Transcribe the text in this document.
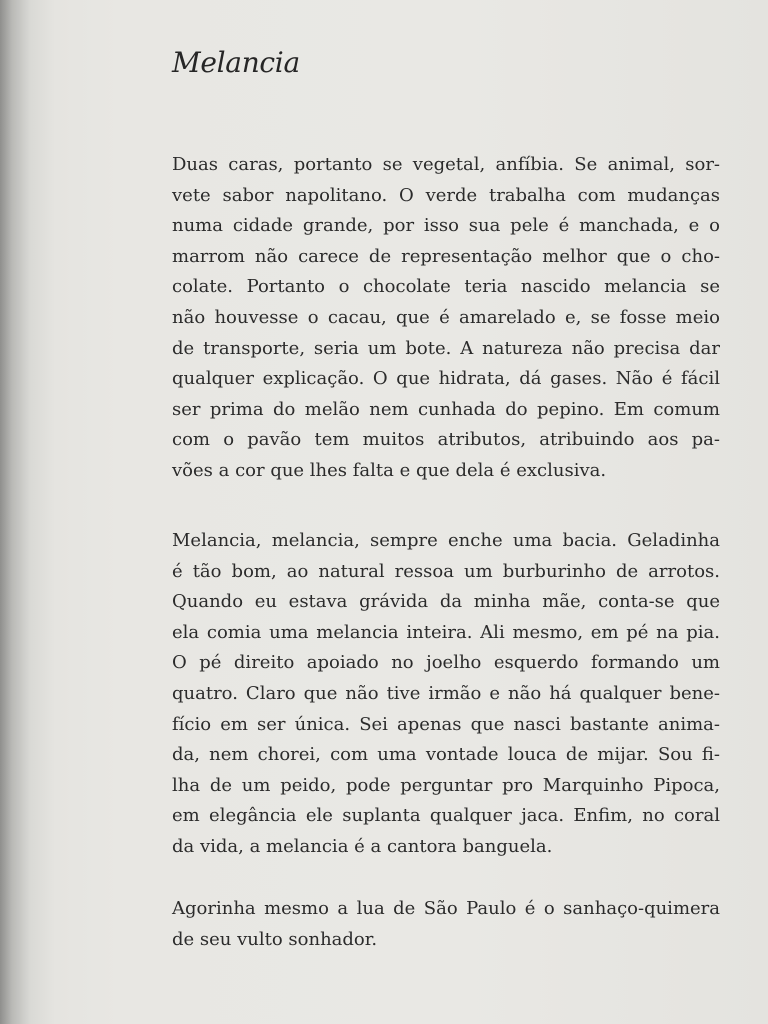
Melancia

Duas caras, portanto se vegetal, anfíbia. Se animal, sor-
vete sabor napolitano. O verde trabalha com mudanças
numa cidade grande, por isso sua pele é manchada, e o
marrom não carece de representação melhor que o cho-
colate. Portanto o chocolate teria nascido melancia se
não houvesse o cacau, que é amarelado e, se fosse meio
de transporte, seria um bote. A natureza não precisa dar
qualquer explicação. O que hidrata, dá gases. Não é fácil
ser prima do melão nem cunhada do pepino. Em comum
com o pavão tem muitos atributos, atribuindo aos pa-
vões a cor que lhes falta e que dela é exclusiva.

Melancia, melancia, sempre enche uma bacia. Geladinha
é tão bom, ao natural ressoa um burburinho de arrotos.
Quando eu estava grávida da minha mãe, conta-se que
ela comia uma melancia inteira. Ali mesmo, em pé na pia.
O pé direito apoiado no joelho esquerdo formando um
quatro. Claro que não tive irmão e não há qualquer bene-
fício em ser única. Sei apenas que nasci bastante anima-
da, nem chorei, com uma vontade louca de mijar. Sou fi-
lha de um peido, pode perguntar pro Marquinho Pipoca,
em elegância ele suplanta qualquer jaca. Enfim, no coral
da vida, a melancia é a cantora banguela.

Agorinha mesmo a lua de São Paulo é o sanhaço-quimera
de seu vulto sonhador.
